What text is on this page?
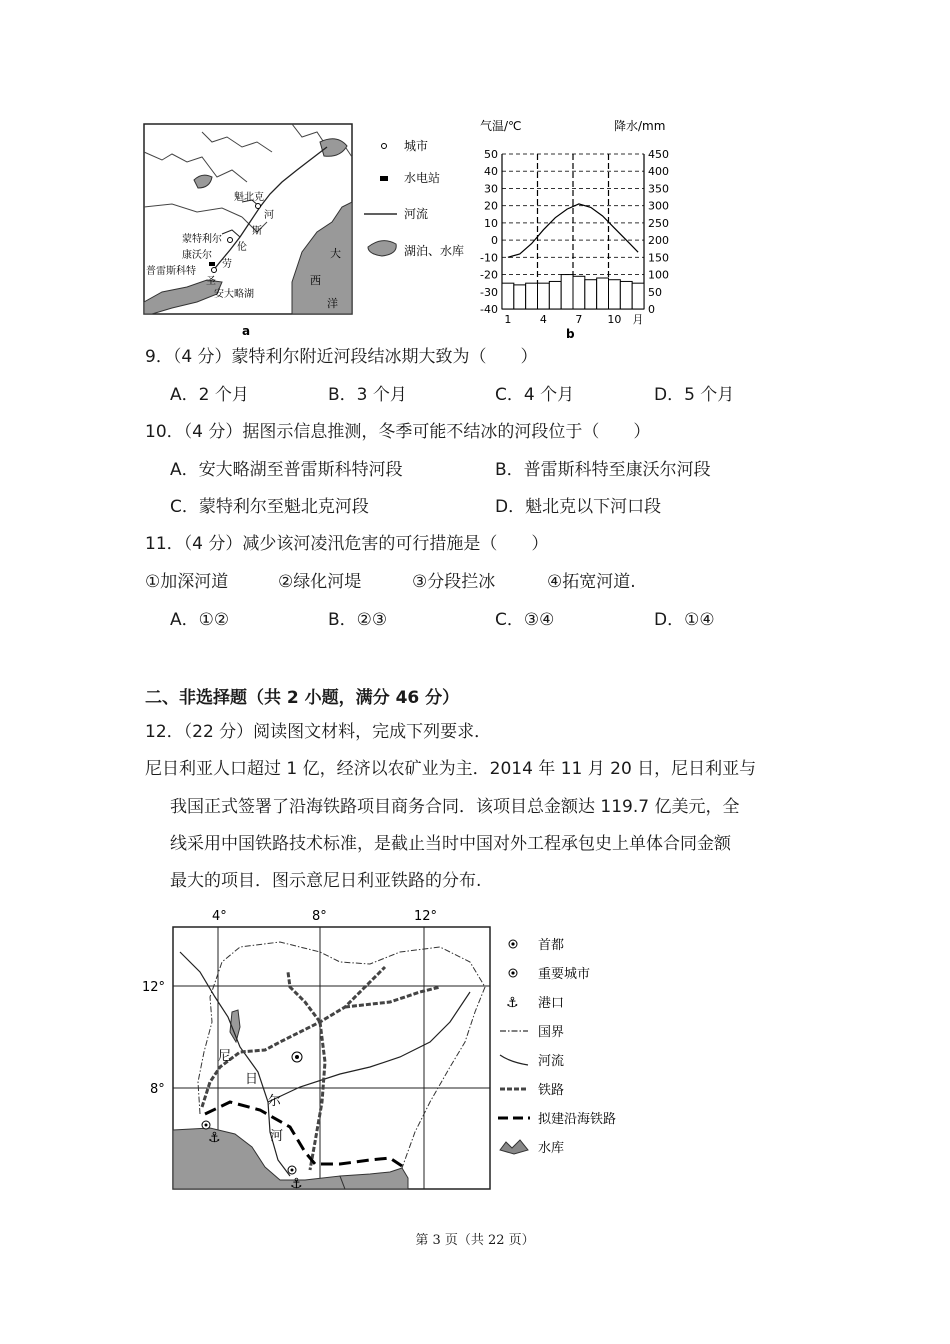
魁北克
蒙特利尔
康沃尔
普雷斯科特
安大略湖
圣
劳
伦
斯
河
大
西
洋
a
城市
水电站
河流
湖泊、水库
气温/℃	降水/mm
50	450
40	400
30	350
20	300
10	250
0	200
-10	150
-20	100
-30	50
-40	0
1	4	7 10 月
b
9．（4 分）蒙特利尔附近河段结冰期大致为（　　）
A．2 个月	B．3 个月	C．4 个月	D．5 个月
10．（4 分）据图示信息推测，冬季可能不结冰的河段位于（　　）
A．安大略湖至普雷斯科特河段	B．普雷斯科特至康沃尔河段
C．蒙特利尔至魁北克河段	D．魁北克以下河口段
11．（4 分）减少该河凌汛危害的可行措施是（　　）
①加深河道	②绿化河堤	③分段拦冰	④拓宽河道.
A．①②	B．②③	C．③④	D．①④
二、非选择题（共 2 小题，满分 46 分）
12．（22 分）阅读图文材料，完成下列要求．
尼日利亚人口超过 1 亿，经济以农矿业为主．2014 年 11 月 20 日，尼日利亚与
我国正式签署了沿海铁路项目商务合同．该项目总金额达 119.7 亿美元，全
线采用中国铁路技术标准，是截止当时中国对外工程承包史上单体合同金额
最大的项目．图示意尼日利亚铁路的分布.
4°	8°	12°
12°
8°
⚓
⚓
尼
日
尔
河
首都
重要城市
⚓ 港口
国界
河流
铁路
拟建沿海铁路
水库
第 3 页（共 22 页）
